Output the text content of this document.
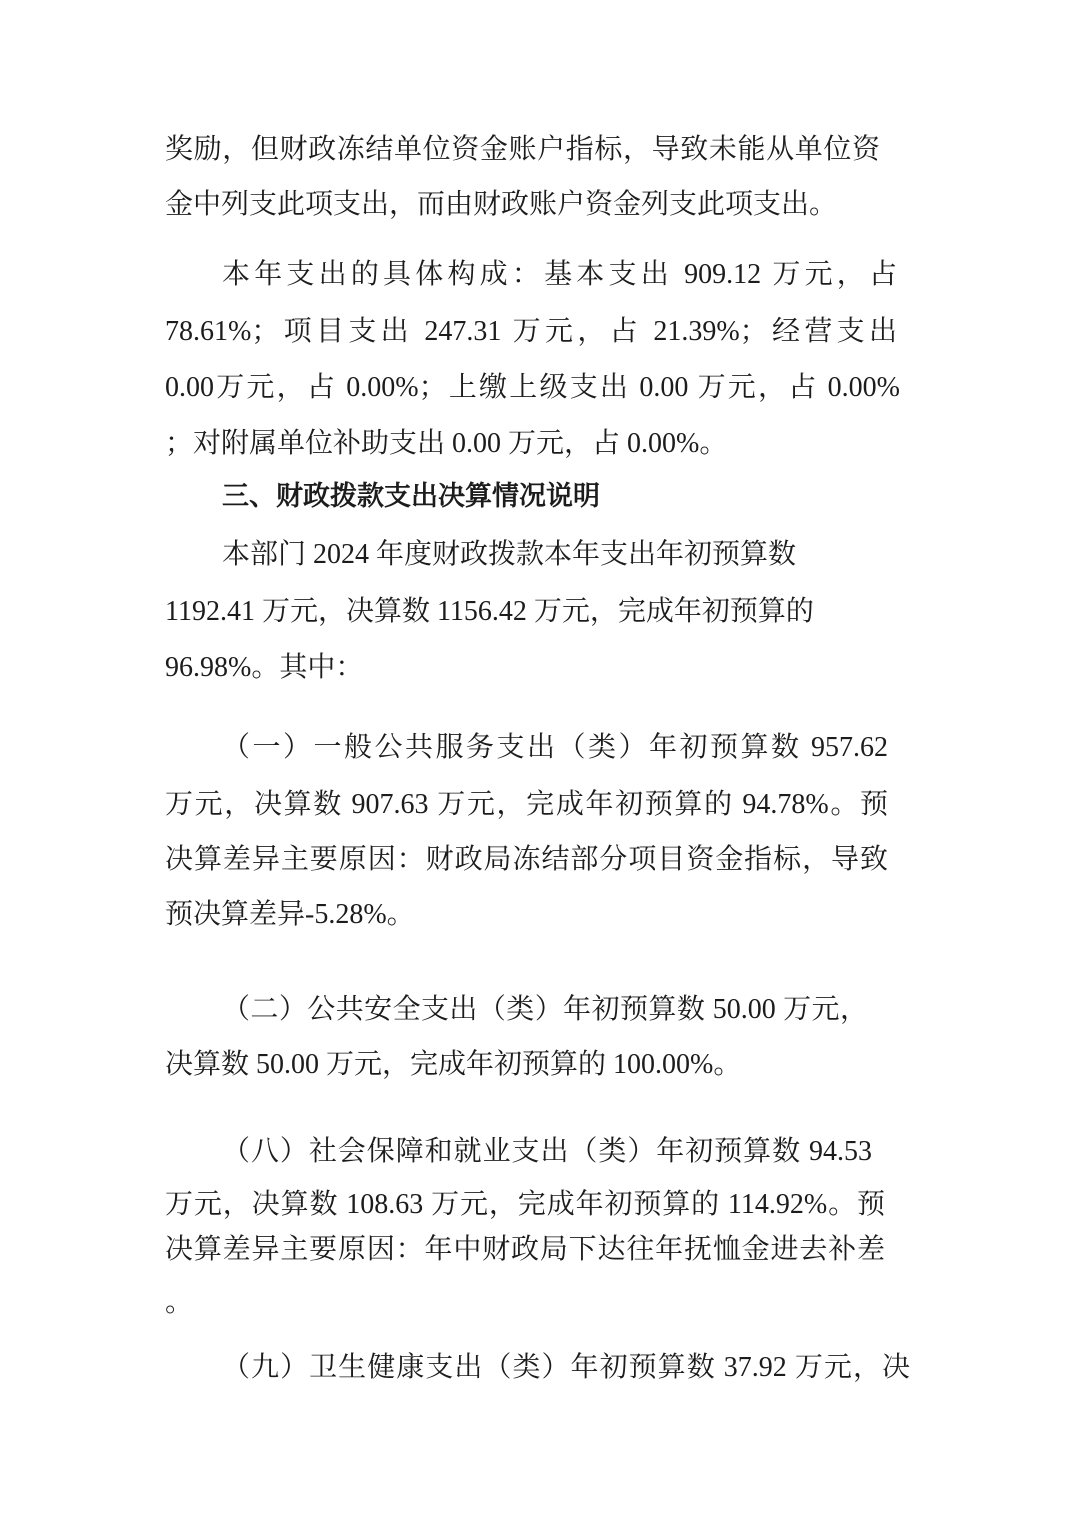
奖励，但财政冻结单位资金账户指标，导致未能从单位资
金中列支此项支出，而由财政账户资金列支此项支出。
本年支出的具体构成：基本支出 909.12 万元，占
78.61%；项目支出 247.31 万元，占 21.39%；经营支出
0.00万元，占 0.00%；上缴上级支出 0.00 万元，占 0.00%
；对附属单位补助支出 0.00 万元，占 0.00%。
三、财政拨款支出决算情况说明
本部门 2024 年度财政拨款本年支出年初预算数
1192.41 万元，决算数 1156.42 万元，完成年初预算的
96.98%。其中：
（一）一般公共服务支出（类）年初预算数 957.62
万元，决算数 907.63 万元，完成年初预算的 94.78%。预
决算差异主要原因：财政局冻结部分项目资金指标，导致
预决算差异-5.28%。
（二）公共安全支出（类）年初预算数 50.00 万元，
决算数 50.00 万元，完成年初预算的 100.00%。
（八）社会保障和就业支出（类）年初预算数 94.53
万元，决算数 108.63 万元，完成年初预算的 114.92%。预
决算差异主要原因：年中财政局下达往年抚恤金进去补差
。
（九）卫生健康支出（类）年初预算数 37.92 万元，决
